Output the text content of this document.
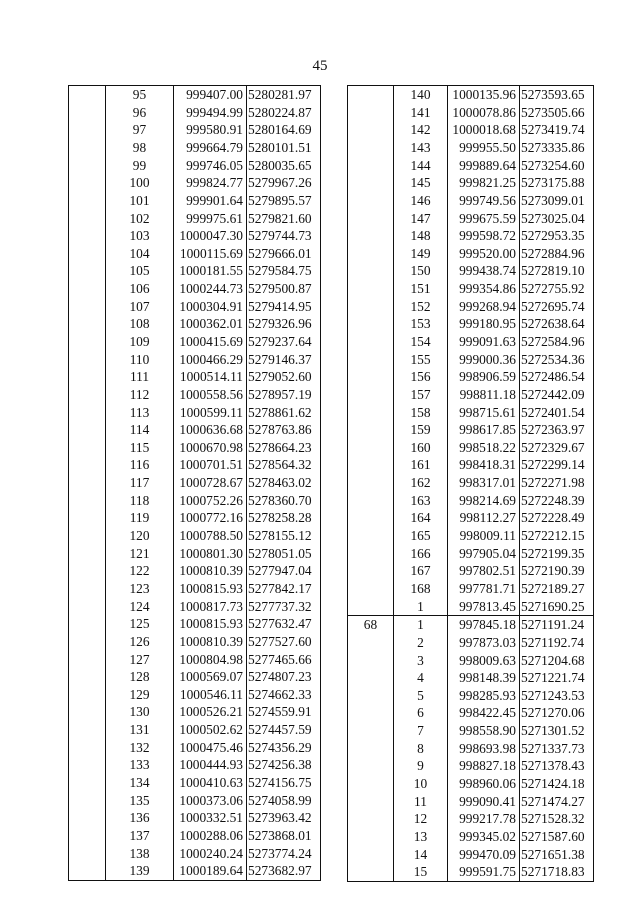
45
	95	999407.00	5280281.97
	96	999494.99	5280224.87
	97	999580.91	5280164.69
	98	999664.79	5280101.51
	99	999746.05	5280035.65
	100	999824.77	5279967.26
	101	999901.64	5279895.57
	102	999975.61	5279821.60
	103	1000047.30	5279744.73
	104	1000115.69	5279666.01
	105	1000181.55	5279584.75
	106	1000244.73	5279500.87
	107	1000304.91	5279414.95
	108	1000362.01	5279326.96
	109	1000415.69	5279237.64
	110	1000466.29	5279146.37
	111	1000514.11	5279052.60
	112	1000558.56	5278957.19
	113	1000599.11	5278861.62
	114	1000636.68	5278763.86
	115	1000670.98	5278664.23
	116	1000701.51	5278564.32
	117	1000728.67	5278463.02
	118	1000752.26	5278360.70
	119	1000772.16	5278258.28
	120	1000788.50	5278155.12
	121	1000801.30	5278051.05
	122	1000810.39	5277947.04
	123	1000815.93	5277842.17
	124	1000817.73	5277737.32
	125	1000815.93	5277632.47
	126	1000810.39	5277527.60
	127	1000804.98	5277465.66
	128	1000569.07	5274807.23
	129	1000546.11	5274662.33
	130	1000526.21	5274559.91
	131	1000502.62	5274457.59
	132	1000475.46	5274356.29
	133	1000444.93	5274256.38
	134	1000410.63	5274156.75
	135	1000373.06	5274058.99
	136	1000332.51	5273963.42
	137	1000288.06	5273868.01
	138	1000240.24	5273774.24
	139	1000189.64	5273682.97
	140	1000135.96	5273593.65
	141	1000078.86	5273505.66
	142	1000018.68	5273419.74
	143	999955.50	5273335.86
	144	999889.64	5273254.60
	145	999821.25	5273175.88
	146	999749.56	5273099.01
	147	999675.59	5273025.04
	148	999598.72	5272953.35
	149	999520.00	5272884.96
	150	999438.74	5272819.10
	151	999354.86	5272755.92
	152	999268.94	5272695.74
	153	999180.95	5272638.64
	154	999091.63	5272584.96
	155	999000.36	5272534.36
	156	998906.59	5272486.54
	157	998811.18	5272442.09
	158	998715.61	5272401.54
	159	998617.85	5272363.97
	160	998518.22	5272329.67
	161	998418.31	5272299.14
	162	998317.01	5272271.98
	163	998214.69	5272248.39
	164	998112.27	5272228.49
	165	998009.11	5272212.15
	166	997905.04	5272199.35
	167	997802.51	5272190.39
	168	997781.71	5272189.27
	1	997813.45	5271690.25
68	1	997845.18	5271191.24
	2	997873.03	5271192.74
	3	998009.63	5271204.68
	4	998148.39	5271221.74
	5	998285.93	5271243.53
	6	998422.45	5271270.06
	7	998558.90	5271301.52
	8	998693.98	5271337.73
	9	998827.18	5271378.43
	10	998960.06	5271424.18
	11	999090.41	5271474.27
	12	999217.78	5271528.32
	13	999345.02	5271587.60
	14	999470.09	5271651.38
	15	999591.75	5271718.83
